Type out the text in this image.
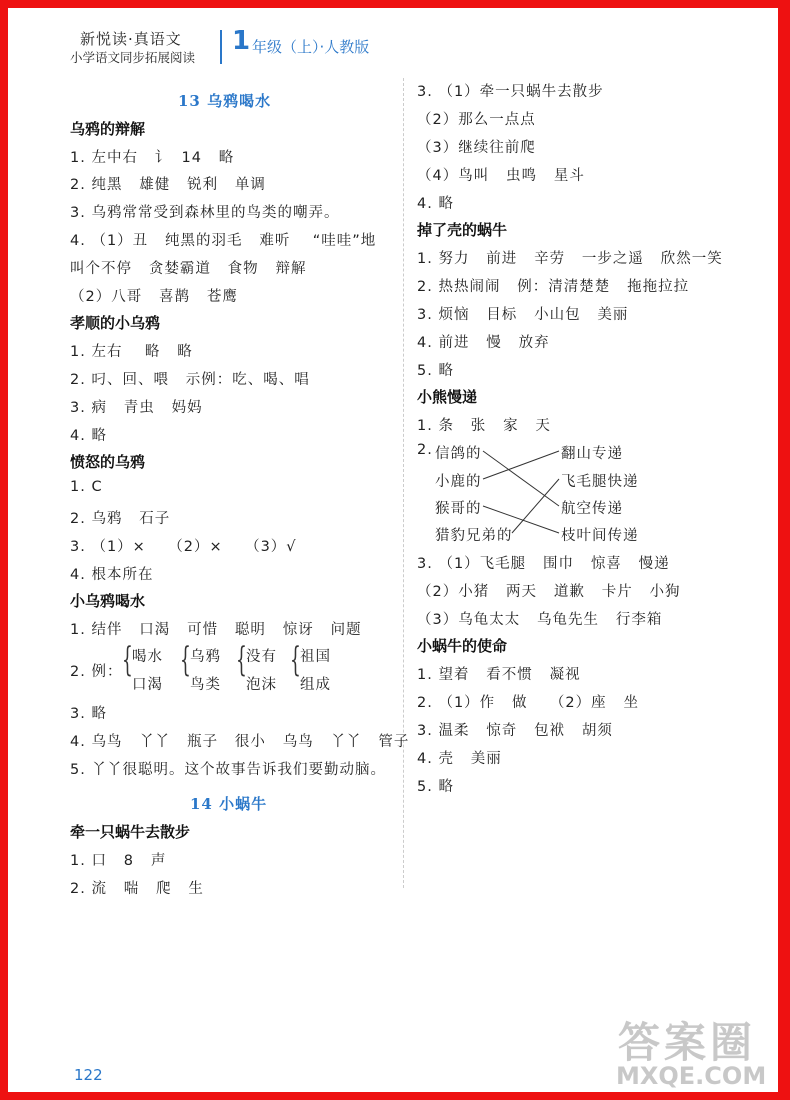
新悦读·真语文
小学语文同步拓展阅读
1 年级（上）·人教版
13 乌鸦喝水
乌鸦的辩解
1. 左中右   讠  14   略
2. 纯黑   雄健   锐利   单调
3. 乌鸦常常受到森林里的鸟类的嘲弄。
4. （1）丑   纯黑的羽毛   难听    “哇哇”地
叫个不停   贪婪霸道   食物   辩解
（2）八哥   喜鹊   苍鹰
孝顺的小乌鸦
1. 左右    略   略
2. 叼、回、喂   示例：吃、喝、唱
3. 病   青虫   妈妈
4. 略
愤怒的乌鸦
1. C
2. 乌鸦   石子
3. （1）×    （2）×    （3）√
4. 根本所在
小乌鸦喝水
1. 结伴   口渴   可惜   聪明   惊讶   问题
2. 例： { 喝水
口渴
{ 乌鸦
鸟类
{ 没有
泡沫
{ 祖国
组成
3. 略
4. 乌鸟   丫丫   瓶子   很小   乌鸟   丫丫   管子
5. 丫丫很聪明。这个故事告诉我们要勤动脑。
14 小蜗牛
牵一只蜗牛去散步
1. 口   8   声
2. 流   喘   爬   生
3. （1）牵一只蜗牛去散步
（2）那么一点点
（3）继续往前爬
（4）鸟叫   虫鸣   星斗
4. 略
掉了壳的蜗牛
1. 努力   前进   辛劳   一步之遥   欣然一笑
2. 热热闹闹   例：清清楚楚   拖拖拉拉
3. 烦恼   目标   小山包   美丽
4. 前进   慢   放弃
5. 略
小熊慢递
1. 条   张   家   天
2. 信鸽的
小鹿的
猴哥的
猎豹兄弟的
翻山专递
飞毛腿快递
航空传递
枝叶间传递
3. （1）飞毛腿   围巾   惊喜   慢递
（2）小猪   两天   道歉   卡片   小狗
（3）乌龟太太   乌龟先生   行李箱
小蜗牛的使命
1. 望着   看不惯   凝视
2. （1）作   做    （2）座   坐
3. 温柔   惊奇   包袱   胡须
4. 壳   美丽
5. 略
122
答案圈
MXQE.COM
